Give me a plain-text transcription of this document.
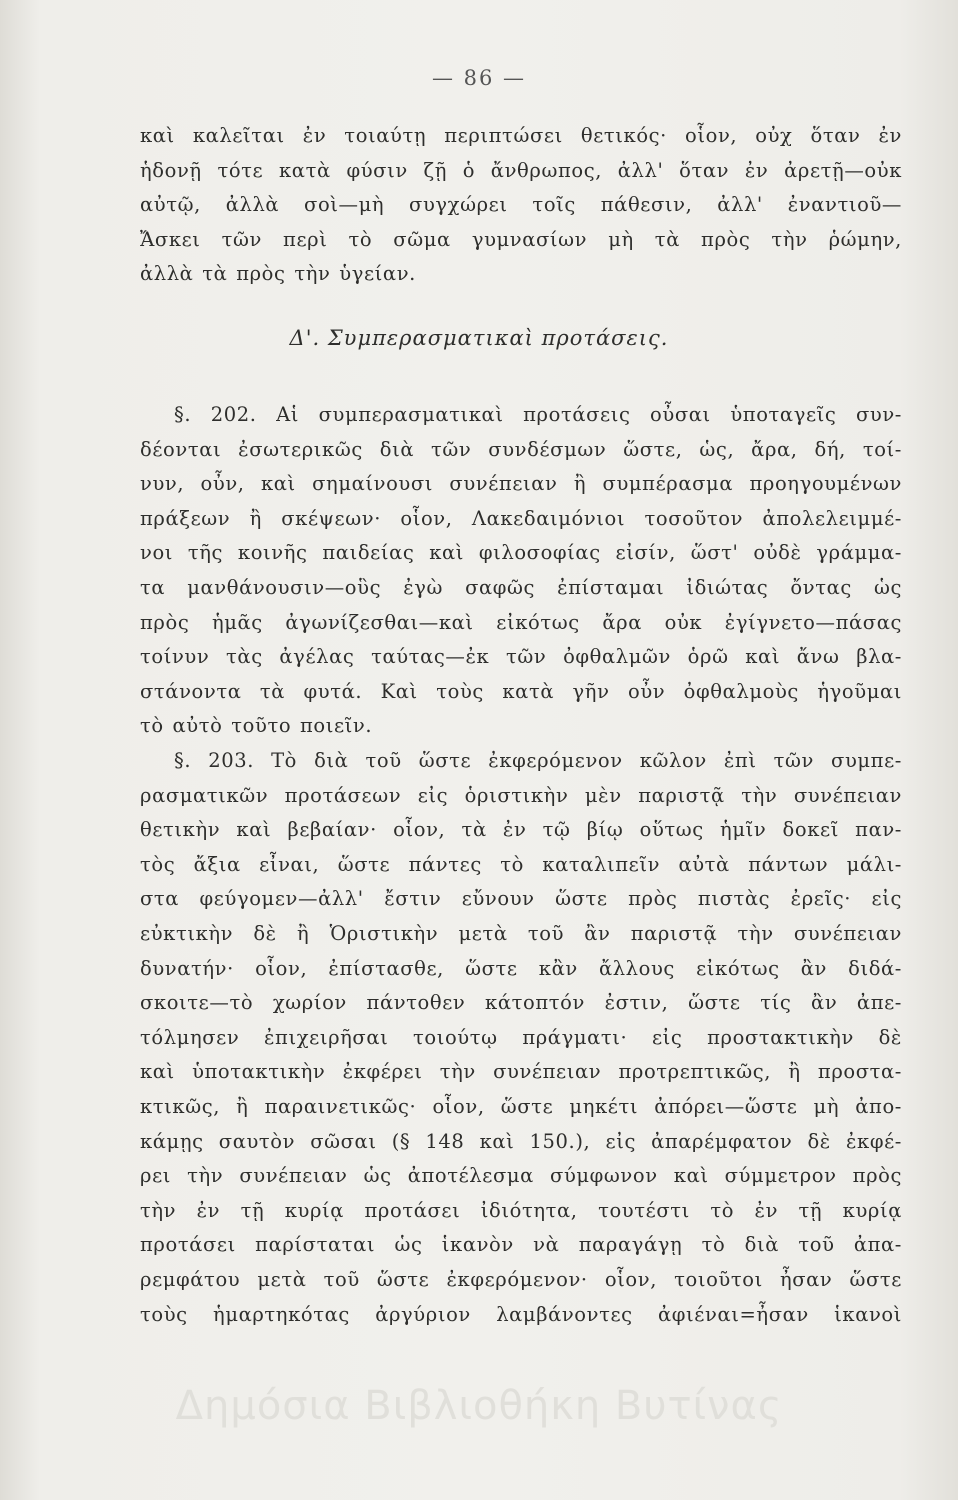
— 86 —
καὶ καλεῖται ἐν τοιαύτῃ περιπτώσει θετικός· οἷον, οὐχ ὅταν ἐν
ἡδονῇ τότε κατὰ φύσιν ζῇ ὁ ἄνθρωπος, ἀλλ' ὅταν ἐν ἀρετῇ—οὐκ
αὐτῷ, ἀλλὰ σοὶ—μὴ συγχώρει τοῖς πάθεσιν, ἀλλ' ἐναντιοῦ—
Ἄσκει τῶν περὶ τὸ σῶμα γυμνασίων μὴ τὰ πρὸς τὴν ῥώμην,
ἀλλὰ τὰ πρὸς τὴν ὑγείαν.
Δ'. Συμπερασματικαὶ προτάσεις.
§. 202. Αἱ συμπερασματικαὶ προτάσεις οὖσαι ὑποταγεῖς συν-
δέονται ἐσωτερικῶς διὰ τῶν συνδέσμων ὥστε, ὡς, ἄρα, δή, τοί-
νυν, οὖν, καὶ σημαίνουσι συνέπειαν ἢ συμπέρασμα προηγουμένων
πράξεων ἢ σκέψεων· οἷον, Λακεδαιμόνιοι τοσοῦτον ἀπολελειμμέ-
νοι τῆς κοινῆς παιδείας καὶ φιλοσοφίας εἰσίν, ὥστ' οὐδὲ γράμμα-
τα μανθάνουσιν—οὓς ἐγὼ σαφῶς ἐπίσταμαι ἰδιώτας ὄντας ὡς
πρὸς ἡμᾶς ἀγωνίζεσθαι—καὶ εἰκότως ἄρα οὐκ ἐγίγνετο—πάσας
τοίνυν τὰς ἀγέλας ταύτας—ἐκ τῶν ὀφθαλμῶν ὁρῶ καὶ ἄνω βλα-
στάνοντα τὰ φυτά. Καὶ τοὺς κατὰ γῆν οὖν ὀφθαλμοὺς ἡγοῦμαι
τὸ αὐτὸ τοῦτο ποιεῖν.
§. 203. Τὸ διὰ τοῦ ὥστε ἐκφερόμενον κῶλον ἐπὶ τῶν συμπε-
ρασματικῶν προτάσεων εἰς ὁριστικὴν μὲν παριστᾷ τὴν συνέπειαν
θετικὴν καὶ βεβαίαν· οἷον, τὰ ἐν τῷ βίῳ οὕτως ἡμῖν δοκεῖ παν-
τὸς ἄξια εἶναι, ὥστε πάντες τὸ καταλιπεῖν αὐτὰ πάντων μάλι-
στα φεύγομεν—ἀλλ' ἔστιν εὔνουν ὥστε πρὸς πιστὰς ἐρεῖς· εἰς
εὐκτικὴν δὲ ἢ Ὁριστικὴν μετὰ τοῦ ἂν παριστᾷ τὴν συνέπειαν
δυνατήν· οἷον, ἐπίστασθε, ὥστε κἂν ἄλλους εἰκότως ἂν διδά-
σκοιτε—τὸ χωρίον πάντοθεν κάτοπτόν ἐστιν, ὥστε τίς ἂν ἀπε-
τόλμησεν ἐπιχειρῆσαι τοιούτῳ πράγματι· εἰς προστακτικὴν δὲ
καὶ ὑποτακτικὴν ἐκφέρει τὴν συνέπειαν προτρεπτικῶς, ἢ προστα-
κτικῶς, ἢ παραινετικῶς· οἷον, ὥστε μηκέτι ἀπόρει—ὥστε μὴ ἀπο-
κάμῃς σαυτὸν σῶσαι (§ 148 καὶ 150.), εἰς ἀπαρέμφατον δὲ ἐκφέ-
ρει τὴν συνέπειαν ὡς ἀποτέλεσμα σύμφωνον καὶ σύμμετρον πρὸς
τὴν ἐν τῇ κυρίᾳ προτάσει ἰδιότητα, τουτέστι τὸ ἐν τῇ κυρίᾳ
προτάσει παρίσταται ὡς ἱκανὸν νὰ παραγάγῃ τὸ διὰ τοῦ ἀπα-
ρεμφάτου μετὰ τοῦ ὥστε ἐκφερόμενον· οἷον, τοιοῦτοι ἦσαν ὥστε
τοὺς ἡμαρτηκότας ἀργύριον λαμβάνοντες ἀφιέναι=ἦσαν ἱκανοὶ
Δημόσια Βιβλιοθήκη Βυτίνας
